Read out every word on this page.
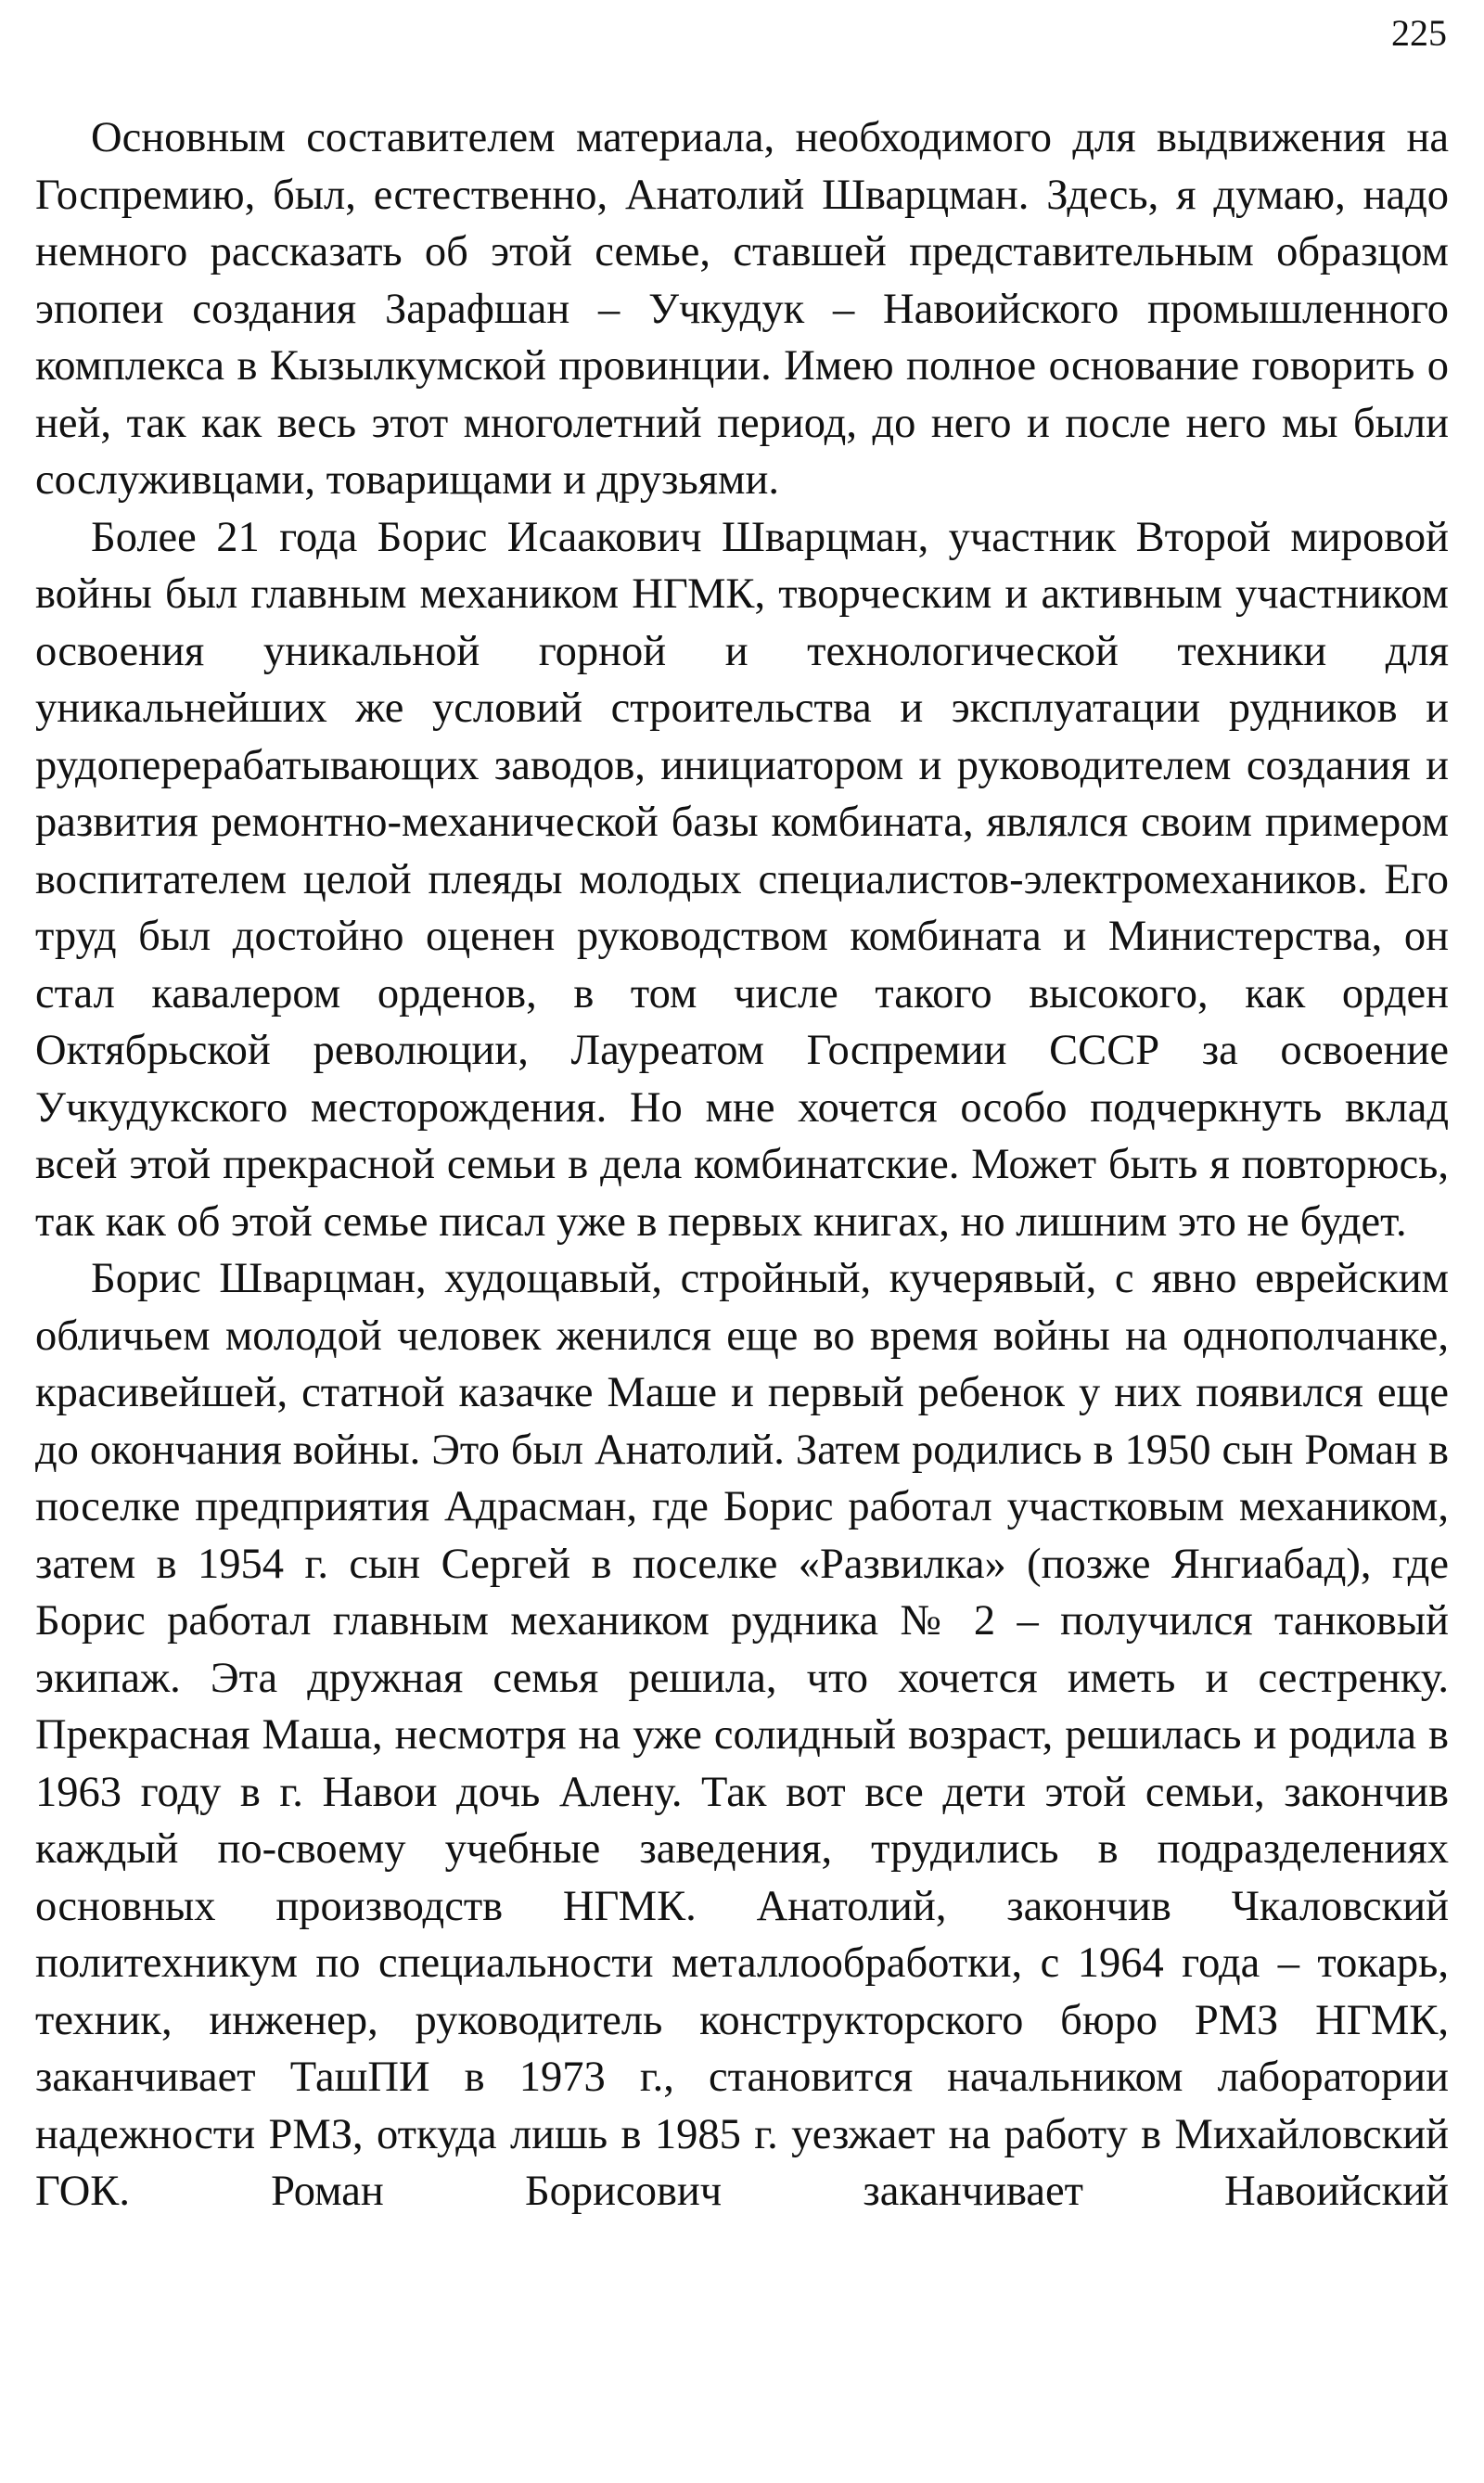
225

Основным составителем материала, необходимого для выдвижения на Госпремию, был, естественно, Анатолий Шварцман. Здесь, я думаю, надо немного рассказать об этой семье, ставшей представительным образцом эпопеи создания Зарафшан – Учкудук – Навоийского промышленного комплекса в Кызылкумской провинции. Имею полное основание говорить о ней, так как весь этот многолетний период, до него и после него мы были сослуживцами, товарищами и друзьями.

Более 21 года Борис Исаакович Шварцман, участник Второй мировой войны был главным механиком НГМК, творческим и активным участником освоения уникальной горной и технологической техники для уникальнейших же условий строительства и эксплуатации рудников и рудоперерабатывающих заводов, инициатором и руководителем создания и развития ремонтно-механической базы комбината, являлся своим примером воспитателем целой плеяды молодых специалистов-электромехаников. Его труд был достойно оценен руководством комбината и Министерства, он стал кавалером орденов, в том числе такого высокого, как орден Октябрьской революции, Лауреатом Госпремии СССР за освоение Учкудукского месторождения. Но мне хочется особо подчеркнуть вклад всей этой прекрасной семьи в дела комбинатские. Может быть я повторюсь, так как об этой семье писал уже в первых книгах, но лишним это не будет.

Борис Шварцман, худощавый, стройный, кучерявый, с явно еврейским обличьем молодой человек женился еще во время войны на однополчанке, красивейшей, статной казачке Маше и первый ребенок у них появился еще до окончания войны. Это был Анатолий. Затем родились в 1950 сын Роман в поселке предприятия Адрасман, где Борис работал участковым механиком, затем в 1954 г. сын Сергей в поселке «Развилка» (позже Янгиабад), где Борис работал главным механиком рудника № 2 – получился танковый экипаж. Эта дружная семья решила, что хочется иметь и сестренку. Прекрасная Маша, несмотря на уже солидный возраст, решилась и родила в 1963 году в г. Навои дочь Алену. Так вот все дети этой семьи, закончив каждый по-своему учебные заведения, трудились в подразделениях основных производств НГМК. Анатолий, закончив Чкаловский политехникум по специальности металлообработки, с 1964 года – токарь, техник, инженер, руководитель конструкторского бюро РМЗ НГМК, заканчивает ТашПИ в 1973 г., становится начальником лаборатории надежности РМЗ, откуда лишь в 1985 г. уезжает на работу в Михайловский ГОК. Роман Борисович заканчивает Навоийский
